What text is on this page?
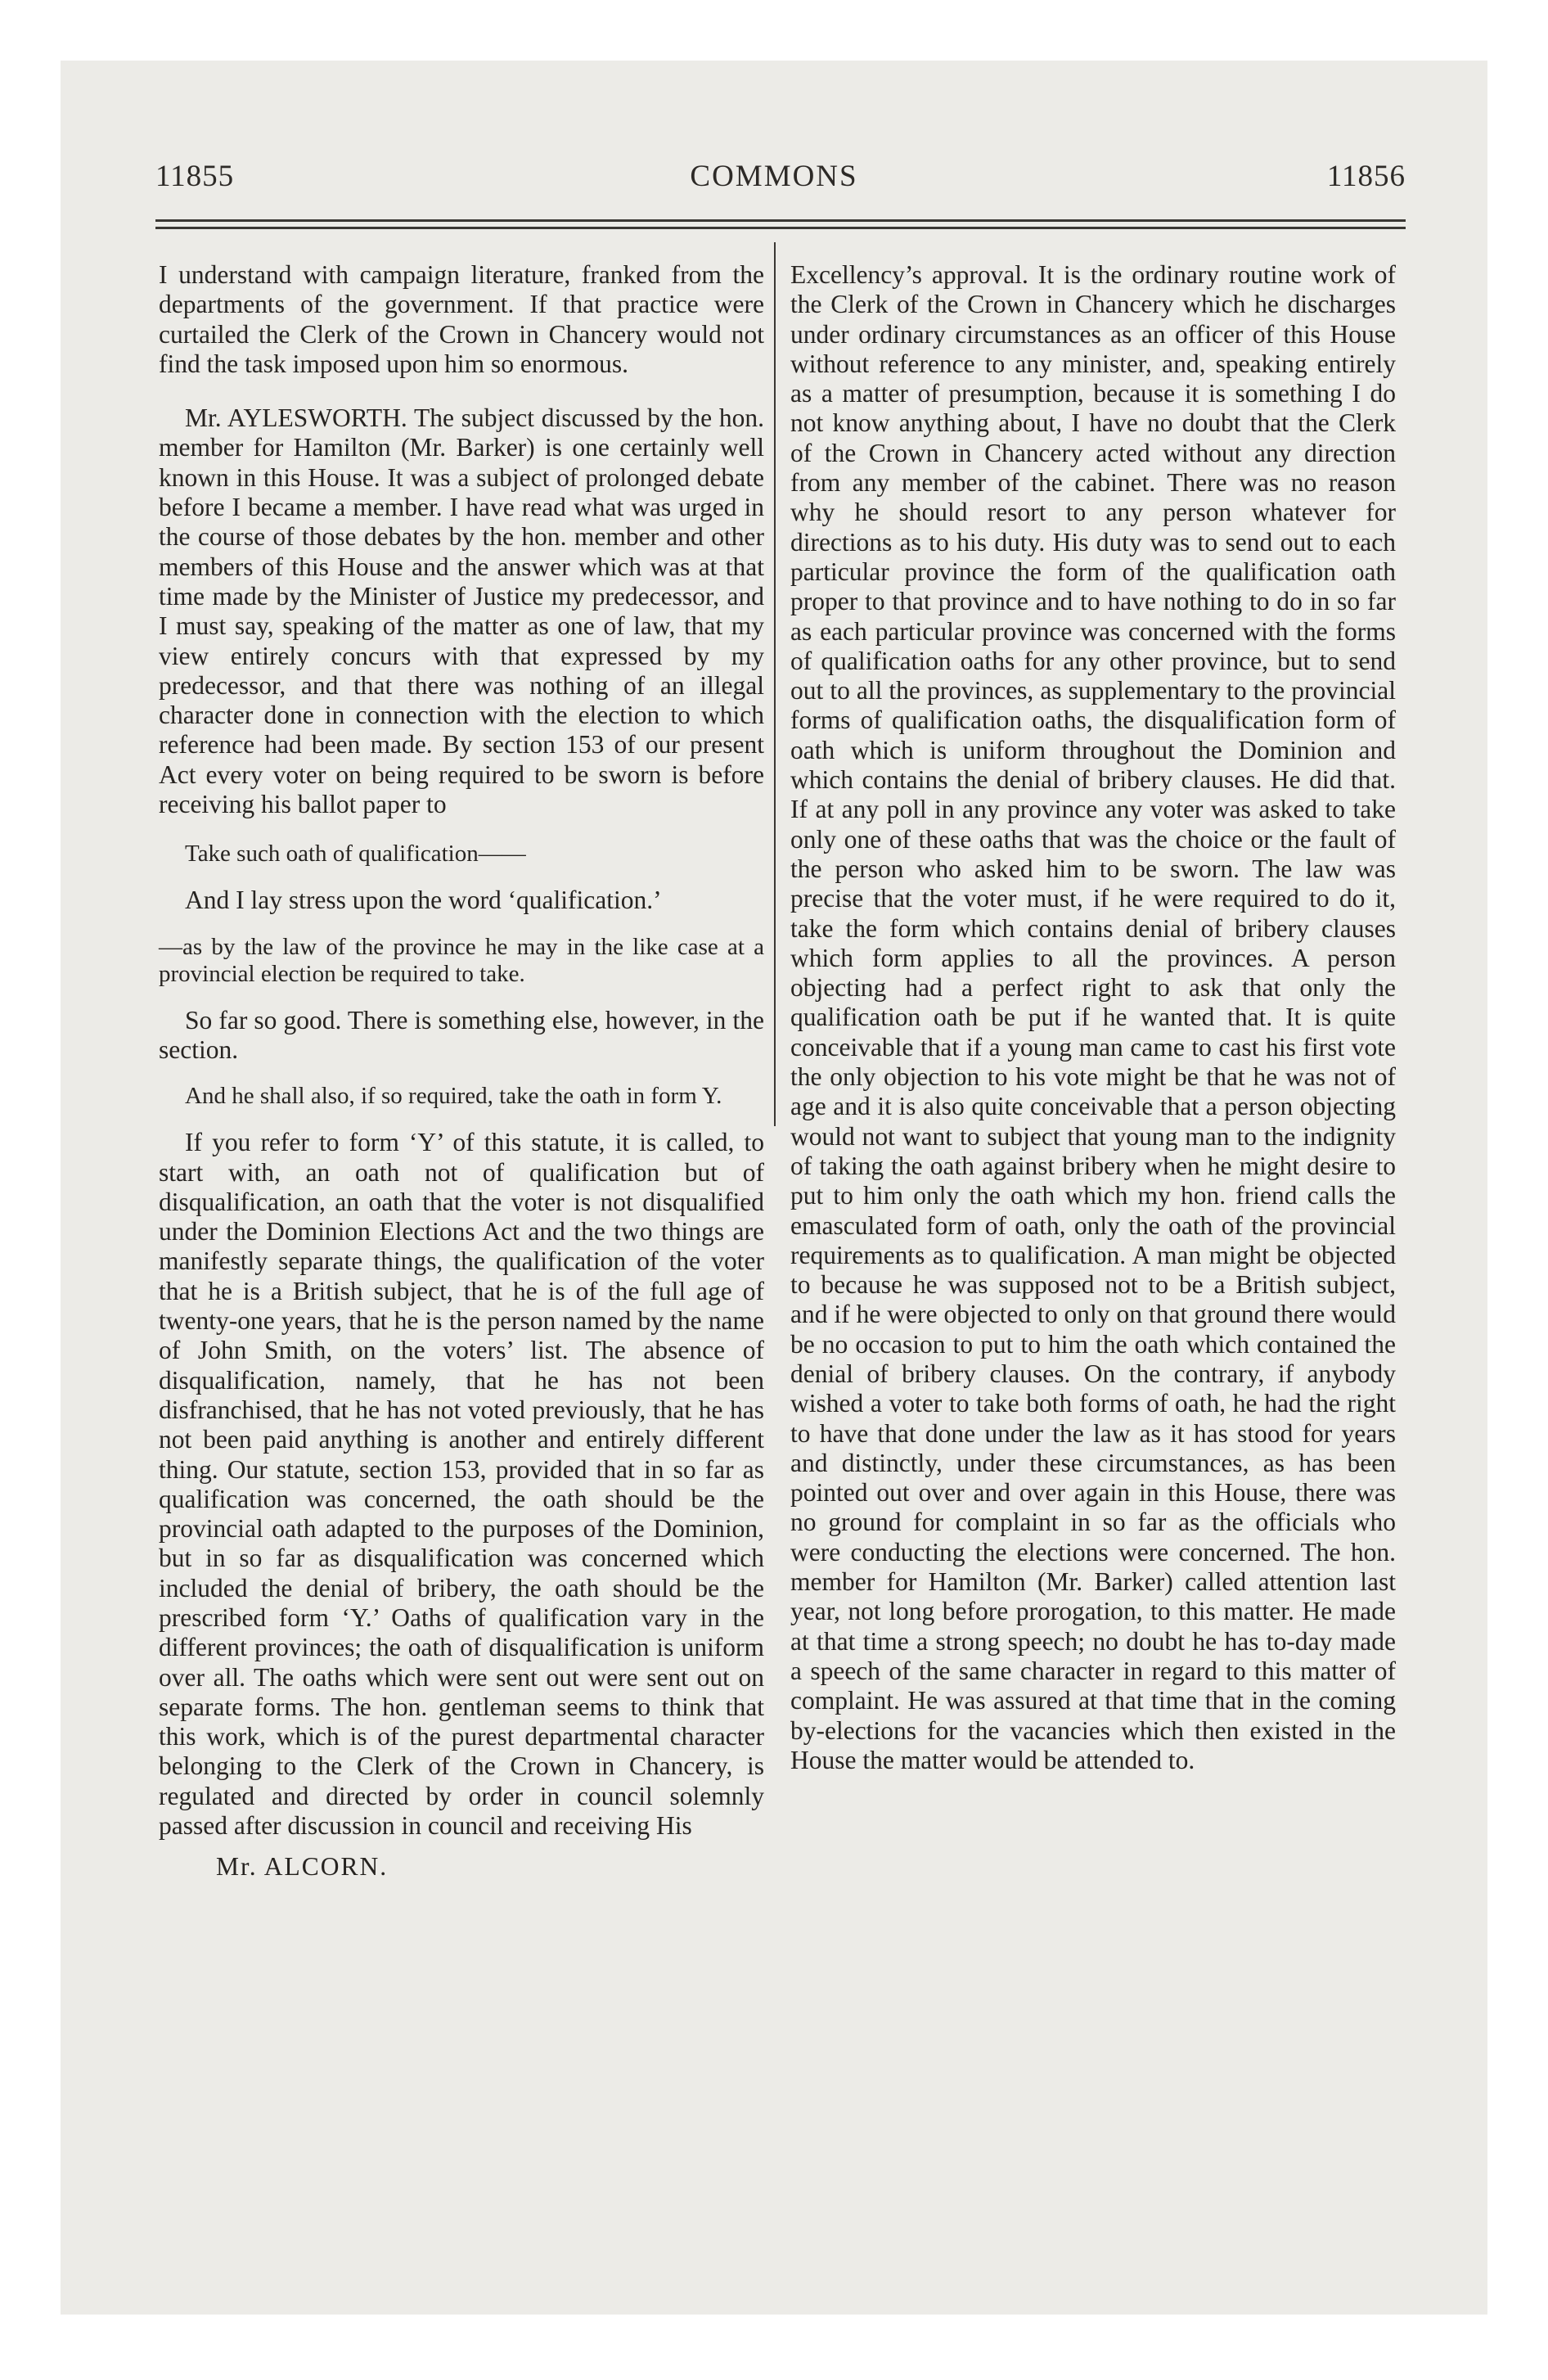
11855	COMMONS	11856

I understand with campaign literature, franked from the departments of the government. If that practice were curtailed the Clerk of the Crown in Chancery would not find the task imposed upon him so enormous.

Mr. AYLESWORTH. The subject discussed by the hon. member for Hamilton (Mr. Barker) is one certainly well known in this House. It was a subject of prolonged debate before I became a member. I have read what was urged in the course of those debates by the hon. member and other members of this House and the answer which was at that time made by the Minister of Justice my predecessor, and I must say, speaking of the matter as one of law, that my view entirely concurs with that expressed by my predecessor, and that there was nothing of an illegal character done in connection with the election to which reference had been made. By section 153 of our present Act every voter on being required to be sworn is before receiving his ballot paper to

Take such oath of qualification——

And I lay stress upon the word ‘qualification.’

—as by the law of the province he may in the like case at a provincial election be required to take.

So far so good. There is something else, however, in the section.

And he shall also, if so required, take the oath in form Y.

If you refer to form ‘Y’ of this statute, it is called, to start with, an oath not of qualification but of disqualification, an oath that the voter is not disqualified under the Dominion Elections Act and the two things are manifestly separate things, the qualification of the voter that he is a British subject, that he is of the full age of twenty-one years, that he is the person named by the name of John Smith, on the voters’ list. The absence of disqualification, namely, that he has not been disfranchised, that he has not voted previously, that he has not been paid anything is another and entirely different thing. Our statute, section 153, provided that in so far as qualification was concerned, the oath should be the provincial oath adapted to the purposes of the Dominion, but in so far as disqualification was concerned which included the denial of bribery, the oath should be the prescribed form ‘Y.’ Oaths of qualification vary in the different provinces; the oath of disqualification is uniform over all. The oaths which were sent out were sent out on separate forms. The hon. gentleman seems to think that this work, which is of the purest departmental character belonging to the Clerk of the Crown in Chancery, is regulated and directed by order in council solemnly passed after discussion in council and receiving His

Mr. ALCORN.

Excellency’s approval. It is the ordinary routine work of the Clerk of the Crown in Chancery which he discharges under ordinary circumstances as an officer of this House without reference to any minister, and, speaking entirely as a matter of presumption, because it is something I do not know anything about, I have no doubt that the Clerk of the Crown in Chancery acted without any direction from any member of the cabinet. There was no reason why he should resort to any person whatever for directions as to his duty. His duty was to send out to each particular province the form of the qualification oath proper to that province and to have nothing to do in so far as each particular province was concerned with the forms of qualification oaths for any other province, but to send out to all the provinces, as supplementary to the provincial forms of qualification oaths, the disqualification form of oath which is uniform throughout the Dominion and which contains the denial of bribery clauses. He did that. If at any poll in any province any voter was asked to take only one of these oaths that was the choice or the fault of the person who asked him to be sworn. The law was precise that the voter must, if he were required to do it, take the form which contains denial of bribery clauses which form applies to all the provinces. A person objecting had a perfect right to ask that only the qualification oath be put if he wanted that. It is quite conceivable that if a young man came to cast his first vote the only objection to his vote might be that he was not of age and it is also quite conceivable that a person objecting would not want to subject that young man to the indignity of taking the oath against bribery when he might desire to put to him only the oath which my hon. friend calls the emasculated form of oath, only the oath of the provincial requirements as to qualification. A man might be objected to because he was supposed not to be a British subject, and if he were objected to only on that ground there would be no occasion to put to him the oath which contained the denial of bribery clauses. On the contrary, if anybody wished a voter to take both forms of oath, he had the right to have that done under the law as it has stood for years and distinctly, under these circumstances, as has been pointed out over and over again in this House, there was no ground for complaint in so far as the officials who were conducting the elections were concerned. The hon. member for Hamilton (Mr. Barker) called attention last year, not long before prorogation, to this matter. He made at that time a strong speech; no doubt he has to-day made a speech of the same character in regard to this matter of complaint. He was assured at that time that in the coming by-elections for the vacancies which then existed in the House the matter would be attended to.
